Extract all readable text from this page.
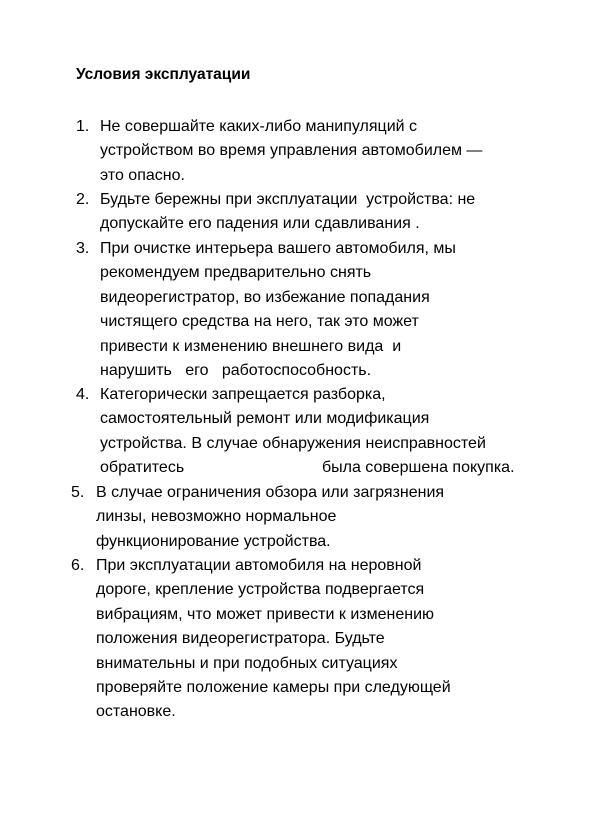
Условия эксплуатации
1. Не совершайте каких-либо манипуляций с
устройством во время управления автомобилем —
это опасно.
2. Будьте бережны при эксплуатации  устройства: не
допускайте его падения или сдавливания .
3. При очистке интерьера вашего автомобиля, мы
рекомендуем предварительно снять
видеорегистратор, во избежание попадания
чистящего средства на него, так это может
привести к изменению внешнего вида  и
нарушить   его   работоспособность.
4. Категорически запрещается разборка,
самостоятельный ремонт или модификация
устройства. В случае обнаружения неисправностей
обратитесь                               была совершена покупка.
5. В случае ограничения обзора или загрязнения
линзы, невозможно нормальное
функционирование устройства.
6. При эксплуатации автомобиля на неровной
дороге, крепление устройства подвергается
вибрациям, что может привести к изменению
положения видеорегистратора. Будьте
внимательны и при подобных ситуациях
проверяйте положение камеры при следующей
остановке.
